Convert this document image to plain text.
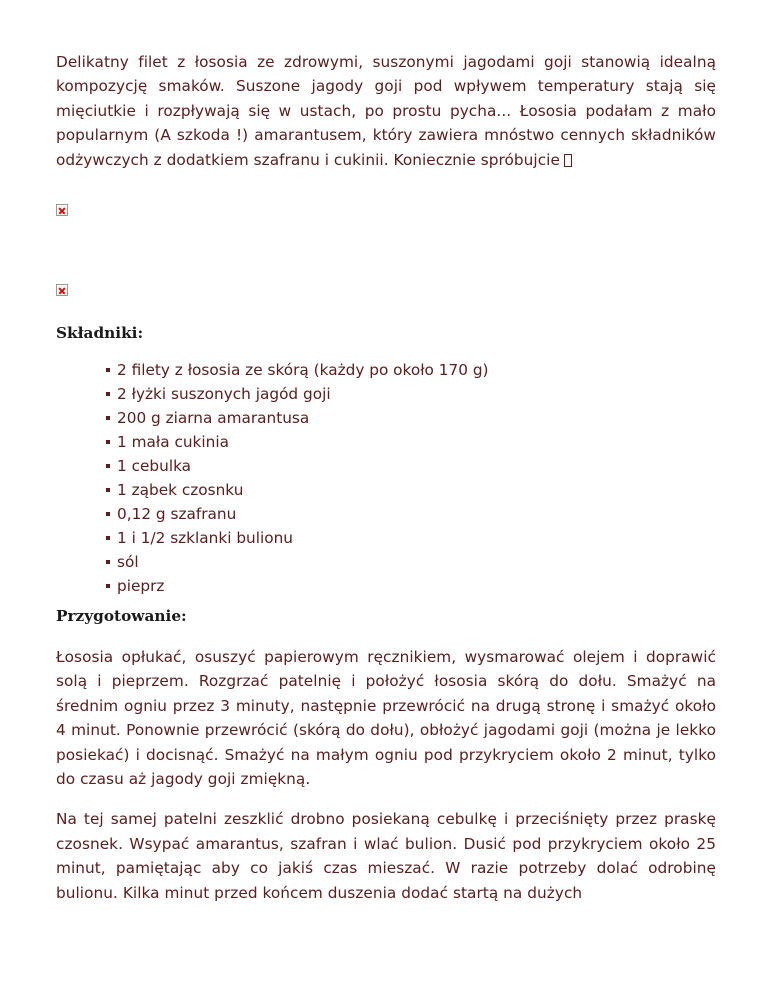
Delikatny filet z łososia ze zdrowymi, suszonymi jagodami goji stanowią idealną kompozycję smaków. Suszone jagody goji pod wpływem temperatury stają się mięciutkie i rozpływają się w ustach, po prostu pycha... Łososia podałam z mało popularnym (A szkoda !) amarantusem, który zawiera mnóstwo cennych składników odżywczych z dodatkiem szafranu i cukinii. Koniecznie spróbujcie

Składniki:
2 filety z łososia ze skórą (każdy po około 170 g)
2 łyżki suszonych jagód goji
200 g ziarna amarantusa
1 mała cukinia
1 cebulka
1 ząbek czosnku
0,12 g szafranu
1 i 1/2 szklanki bulionu
sól
pieprz
Przygotowanie:

Łososia opłukać, osuszyć papierowym ręcznikiem, wysmarować olejem i doprawić solą i pieprzem. Rozgrzać patelnię i położyć łososia skórą do dołu. Smażyć na średnim ogniu przez 3 minuty, następnie przewrócić na drugą stronę i smażyć około 4 minut. Ponownie przewrócić (skórą do dołu), obłożyć jagodami goji (można je lekko posiekać) i docisnąć. Smażyć na małym ogniu pod przykryciem około 2 minut, tylko do czasu aż jagody goji zmiękną.

Na tej samej patelni zeszklić drobno posiekaną cebulkę i przeciśnięty przez praskę czosnek. Wsypać amarantus, szafran i wlać bulion. Dusić pod przykryciem około 25 minut, pamiętając aby co jakiś czas mieszać. W razie potrzeby dolać odrobinę bulionu. Kilka minut przed końcem duszenia dodać startą na dużych
